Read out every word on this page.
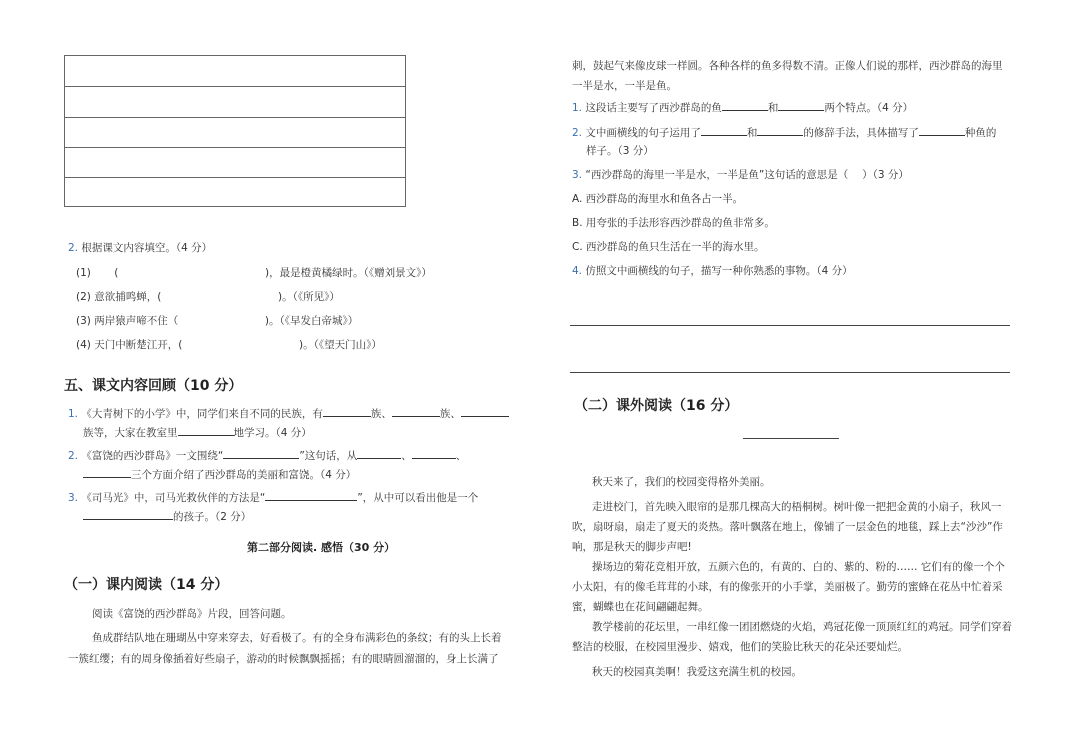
2. 根据课文内容填空。（4 分）
(1) (	)，最是橙黄橘绿时。（《赠刘景文》）
(2) 意欲捕鸣蝉，(	)。（《所见》）
(3) 两岸猿声啼不住（	)。（《早发白帝城》）
(4) 天门中断楚江开，(	)。（《望天门山》）
五、课文内容回顾（10 分）
1. 《大青树下的小学》中，同学们来自不同的民族，有	族、	族、
族等，大家在教室里	地学习。（4 分）
2. 《富饶的西沙群岛》一文围绕“	”这句话，从	、	、
三个方面介绍了西沙群岛的美丽和富饶。（4 分）
3. 《司马光》中，司马光救伙伴的方法是“	”，从中可以看出他是一个
的孩子。（2 分）
第二部分阅读. 感悟（30 分）
（一）课内阅读（14 分）
阅读《富饶的西沙群岛》片段，回答问题。
鱼成群结队地在珊瑚丛中穿来穿去，好看极了。有的全身布满彩色的条纹；有的头上长着
一簇红缨；有的周身像插着好些扇子，游动的时候飘飘摇摇；有的眼睛圆溜溜的，身上长满了
刺，鼓起气来像皮球一样圆。各种各样的鱼多得数不清。正像人们说的那样，西沙群岛的海里
一半是水，一半是鱼。
1. 这段话主要写了西沙群岛的鱼	和	两个特点。（4 分）
2. 文中画横线的句子运用了	和	的修辞手法，具体描写了	种鱼的
样子。（3 分）
3. “西沙群岛的海里一半是水，一半是鱼”这句话的意思是（　 ）（3 分）
A. 西沙群岛的海里水和鱼各占一半。
B. 用夸张的手法形容西沙群岛的鱼非常多。
C. 西沙群岛的鱼只生活在一半的海水里。
4. 仿照文中画横线的句子，描写一种你熟悉的事物。（4 分）
（二）课外阅读（16 分）
秋天来了，我们的校园变得格外美丽。
走进校门，首先映入眼帘的是那几棵高大的梧桐树。树叶像一把把金黄的小扇子，秋风一吹，扇呀扇，扇走了夏天的炎热。落叶飘落在地上，像铺了一层金色的地毯，踩上去“沙沙”作响，那是秋天的脚步声吧!
操场边的菊花竞相开放，五颜六色的，有黄的、白的、紫的、粉的…… 它们有的像一个个小太阳，有的像毛茸茸的小球，有的像张开的小手掌，美丽极了。勤劳的蜜蜂在花丛中忙着采蜜，蝴蝶也在花间翩翩起舞。
教学楼前的花坛里，一串红像一团团燃烧的火焰，鸡冠花像一顶顶红红的鸡冠。同学们穿着整洁的校服，在校园里漫步、嬉戏，他们的笑脸比秋天的花朵还要灿烂。
秋天的校园真美啊！我爱这充满生机的校园。
